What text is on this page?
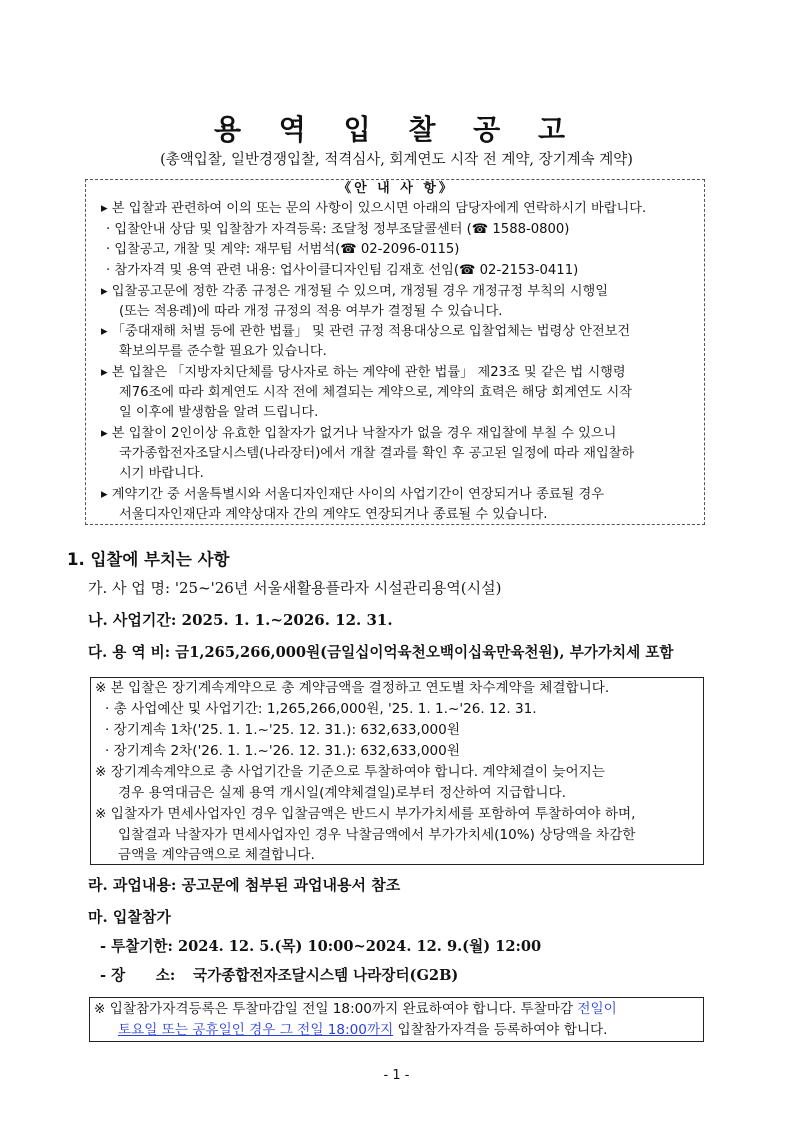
용 역 입 찰 공 고
(총액입찰, 일반경쟁입찰, 적격심사, 회계연도 시작 전 계약, 장기계속 계약)
《안 내 사 항》
▸ 본 입찰과 관련하여 이의 또는 문의 사항이 있으시면 아래의 담당자에게 연락하시기 바랍니다.
· 입찰안내 상담 및 입찰참가 자격등록: 조달청 정부조달콜센터 (☎ 1588-0800)
· 입찰공고, 개찰 및 계약: 재무팀 서범석(☎ 02-2096-0115)
· 참가자격 및 용역 관련 내용: 업사이클디자인팀 김재호 선임(☎ 02-2153-0411)
▸ 입찰공고문에 정한 각종 규정은 개정될 수 있으며, 개정될 경우 개정규정 부칙의 시행일
(또는 적용례)에 따라 개정 규정의 적용 여부가 결정될 수 있습니다.
▸ 「중대재해 처벌 등에 관한 법률」 및 관련 규정 적용대상으로 입찰업체는 법령상 안전보건
확보의무를 준수할 필요가 있습니다.
▸ 본 입찰은 「지방자치단체를 당사자로 하는 계약에 관한 법률」 제23조 및 같은 법 시행령
제76조에 따라 회계연도 시작 전에 체결되는 계약으로, 계약의 효력은 해당 회계연도 시작
일 이후에 발생함을 알려 드립니다.
▸ 본 입찰이 2인이상 유효한 입찰자가 없거나 낙찰자가 없을 경우 재입찰에 부칠 수 있으니
국가종합전자조달시스템(나라장터)에서 개찰 결과를 확인 후 공고된 일정에 따라 재입찰하
시기 바랍니다.
▸ 계약기간 중 서울특별시와 서울디자인재단 사이의 사업기간이 연장되거나 종료될 경우
서울디자인재단과 계약상대자 간의 계약도 연장되거나 종료될 수 있습니다.
1. 입찰에 부치는 사항
가. 사 업 명: '25~'26년 서울새활용플라자 시설관리용역(시설)
나. 사업기간: 2025. 1. 1.~2026. 12. 31.
다. 용 역 비: 금1,265,266,000원(금일십이억육천오백이십육만육천원), 부가가치세 포함
※ 본 입찰은 장기계속계약으로 총 계약금액을 결정하고 연도별 차수계약을 체결합니다.
· 총 사업예산 및 사업기간: 1,265,266,000원, '25. 1. 1.~'26. 12. 31.
· 장기계속 1차('25. 1. 1.~'25. 12. 31.): 632,633,000원
· 장기계속 2차('26. 1. 1.~'26. 12. 31.): 632,633,000원
※ 장기계속계약으로 총 사업기간을 기준으로 투찰하여야 합니다. 계약체결이 늦어지는
경우 용역대금은 실제 용역 개시일(계약체결일)로부터 정산하여 지급합니다.
※ 입찰자가 면세사업자인 경우 입찰금액은 반드시 부가가치세를 포함하여 투찰하여야 하며,
입찰결과 낙찰자가 면세사업자인 경우 낙찰금액에서 부가가치세(10%) 상당액을 차감한
금액을 계약금액으로 체결합니다.
라. 과업내용: 공고문에 첨부된 과업내용서 참조
마. 입찰참가
- 투찰기한: 2024. 12. 5.(목) 10:00~2024. 12. 9.(월) 12:00
- 장      소: 국가종합전자조달시스템 나라장터(G2B)
※ 입찰참가자격등록은 투찰마감일 전일 18:00까지 완료하여야 합니다. 투찰마감 전일이
토요일 또는 공휴일인 경우 그 전일 18:00까지 입찰참가자격을 등록하여야 합니다.
- 1 -
